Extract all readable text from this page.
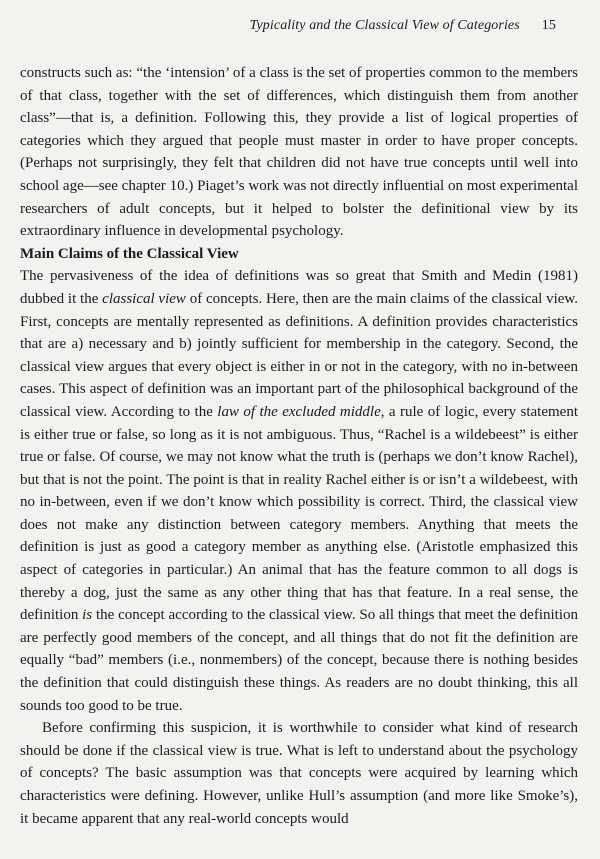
Typicality and the Classical View of Categories 15

constructs such as: “the ‘intension’ of a class is the set of properties common to the members of that class, together with the set of differences, which distinguish them from another class”—that is, a definition. Following this, they provide a list of logical properties of categories which they argued that people must master in order to have proper concepts. (Perhaps not surprisingly, they felt that children did not have true concepts until well into school age—see chapter 10.) Piaget’s work was not directly influential on most experimental researchers of adult concepts, but it helped to bolster the definitional view by its extraordinary influence in developmental psychology.

Main Claims of the Classical View

The pervasiveness of the idea of definitions was so great that Smith and Medin (1981) dubbed it the classical view of concepts. Here, then are the main claims of the classical view. First, concepts are mentally represented as definitions. A definition provides characteristics that are a) necessary and b) jointly sufficient for membership in the category. Second, the classical view argues that every object is either in or not in the category, with no in-between cases. This aspect of definition was an important part of the philosophical background of the classical view. According to the law of the excluded middle, a rule of logic, every statement is either true or false, so long as it is not ambiguous. Thus, “Rachel is a wildebeest” is either true or false. Of course, we may not know what the truth is (perhaps we don’t know Rachel), but that is not the point. The point is that in reality Rachel either is or isn’t a wildebeest, with no in-between, even if we don’t know which possibility is correct. Third, the classical view does not make any distinction between category members. Anything that meets the definition is just as good a category member as anything else. (Aristotle emphasized this aspect of categories in particular.) An animal that has the feature common to all dogs is thereby a dog, just the same as any other thing that has that feature. In a real sense, the definition is the concept according to the classical view. So all things that meet the definition are perfectly good members of the concept, and all things that do not fit the definition are equally “bad” members (i.e., nonmembers) of the concept, because there is nothing besides the definition that could distinguish these things. As readers are no doubt thinking, this all sounds too good to be true.

Before confirming this suspicion, it is worthwhile to consider what kind of research should be done if the classical view is true. What is left to understand about the psychology of concepts? The basic assumption was that concepts were acquired by learning which characteristics were defining. However, unlike Hull’s assumption (and more like Smoke’s), it became apparent that any real-world concepts would
